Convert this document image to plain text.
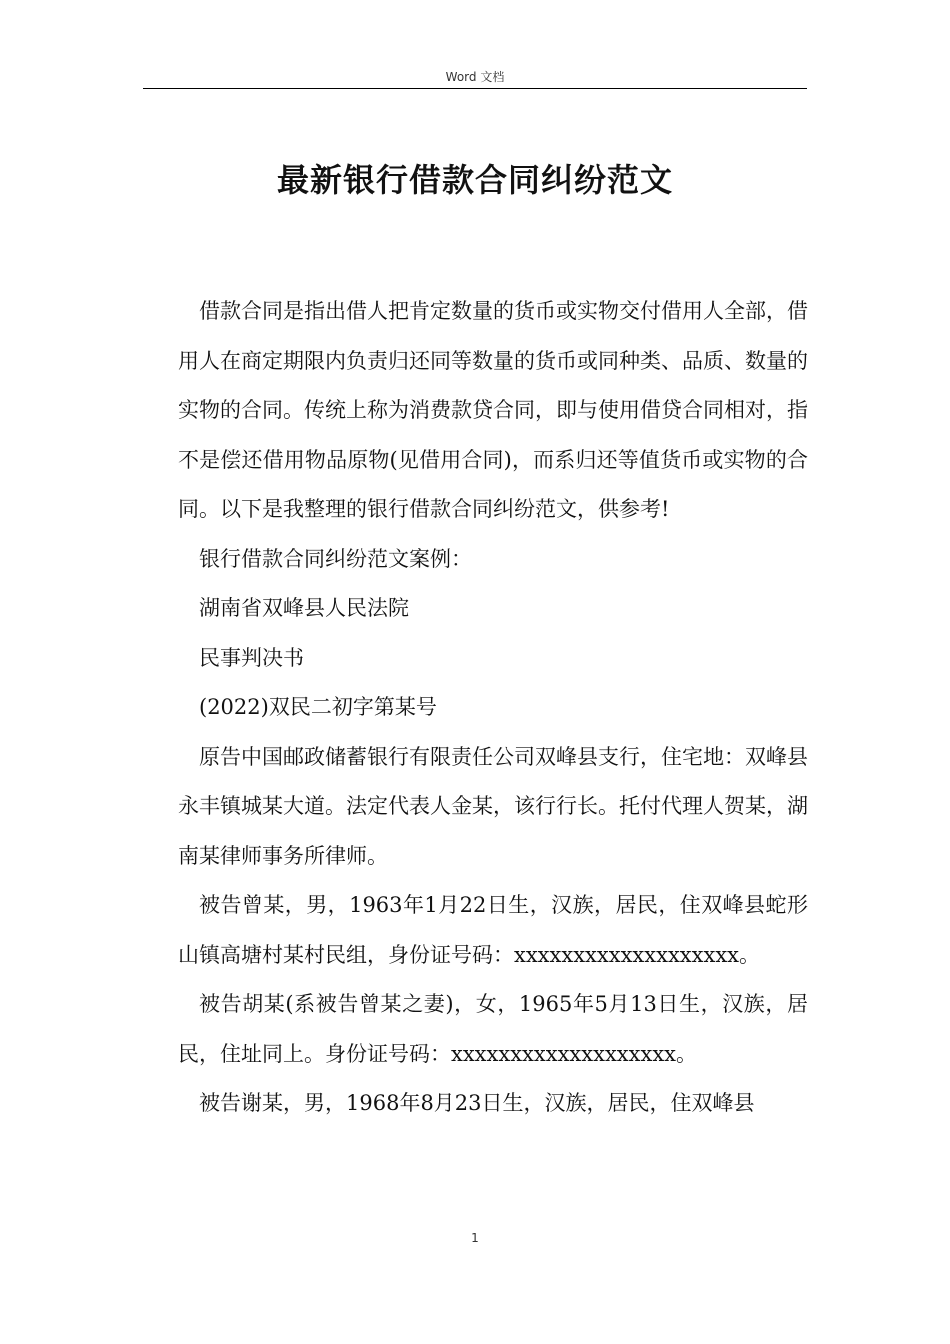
Word 文档
最新银行借款合同纠纷范文

借款合同是指出借人把肯定数量的货币或实物交付借用人全部，借用人在商定期限内负责归还同等数量的货币或同种类、品质、数量的实物的合同。传统上称为消费款贷合同，即与使用借贷合同相对，指不是偿还借用物品原物(见借用合同)，而系归还等值货币或实物的合同。以下是我整理的银行借款合同纠纷范文，供参考!

银行借款合同纠纷范文案例：

湖南省双峰县人民法院

民事判决书

(2022)双民二初字第某号

原告中国邮政储蓄银行有限责任公司双峰县支行，住宅地：双峰县永丰镇城某大道。法定代表人金某，该行行长。托付代理人贺某，湖南某律师事务所律师。

被告曾某，男，1963年1月22日生，汉族，居民，住双峰县蛇形山镇高塘村某村民组，身份证号码：xxxxxxxxxxxxxxxxxxx。

被告胡某(系被告曾某之妻)，女，1965年5月13日生，汉族，居民，住址同上。身份证号码：xxxxxxxxxxxxxxxxxxx。

被告谢某，男，1968年8月23日生，汉族，居民，住双峰县

1
